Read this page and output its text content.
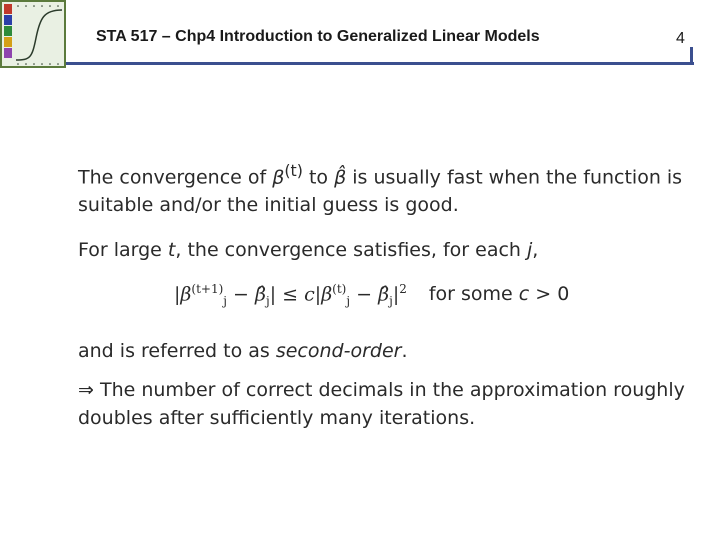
STA 517 – Chp4 Introduction to Generalized Linear Models	4

The convergence of $\beta^{(t)}$ to β̂ is usually fast when the function is suitable and/or the initial guess is good.

For large t, the convergence satisfies, for each j,

$|\beta^{(t+1)}_j$ − $\betâ_j| \le c|\beta^{(t)}_j$ − $\betâ_j|^2$ for some c > 0

and is referred to as second-order.

⇒ The number of correct decimals in the approximation roughly doubles after sufficiently many iterations.
